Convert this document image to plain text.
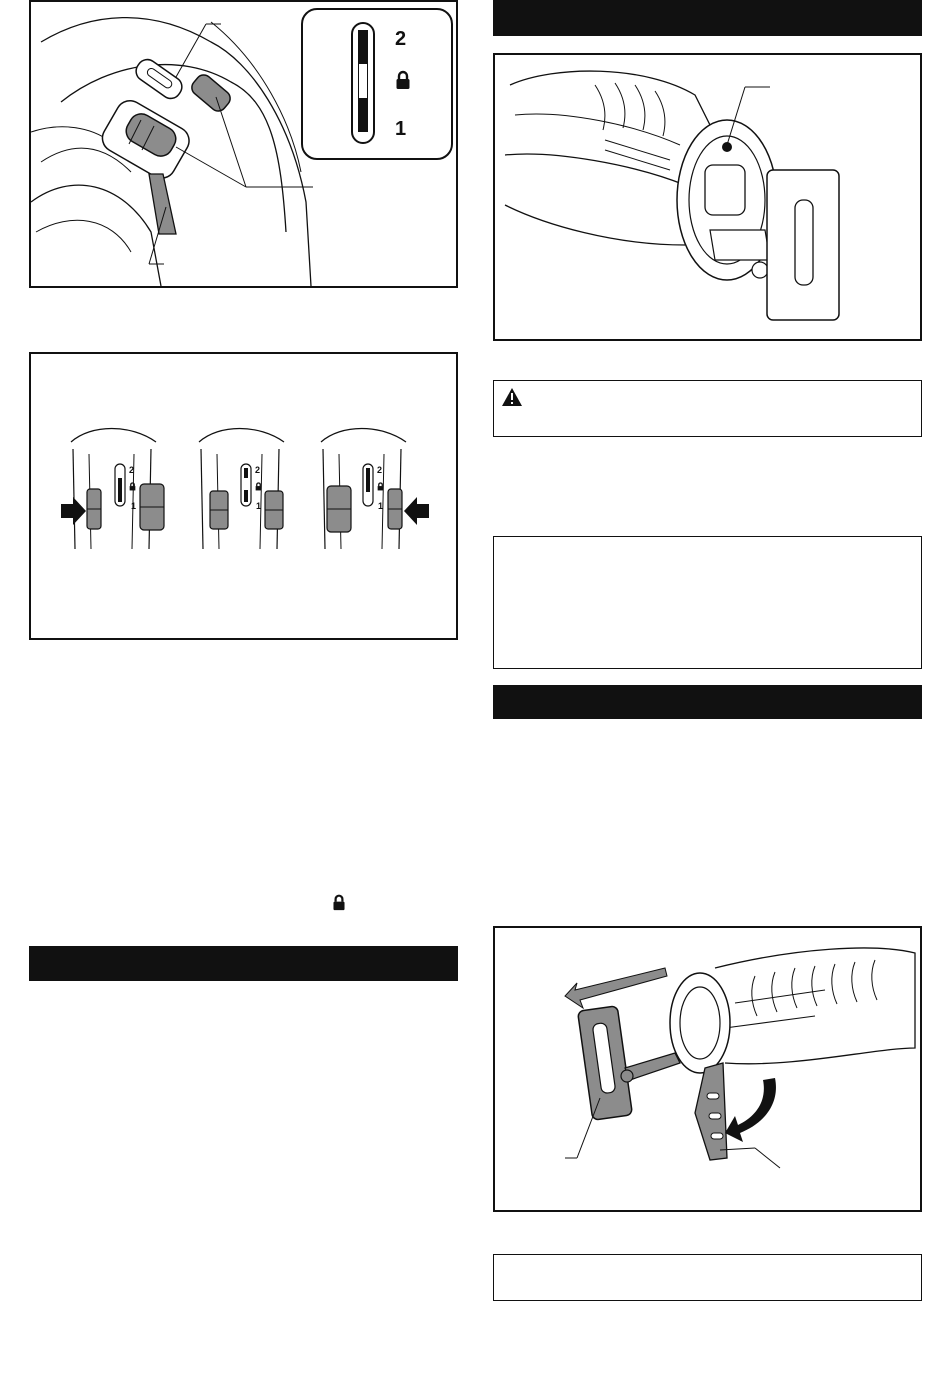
2
1
2
1
2
1
2
1
